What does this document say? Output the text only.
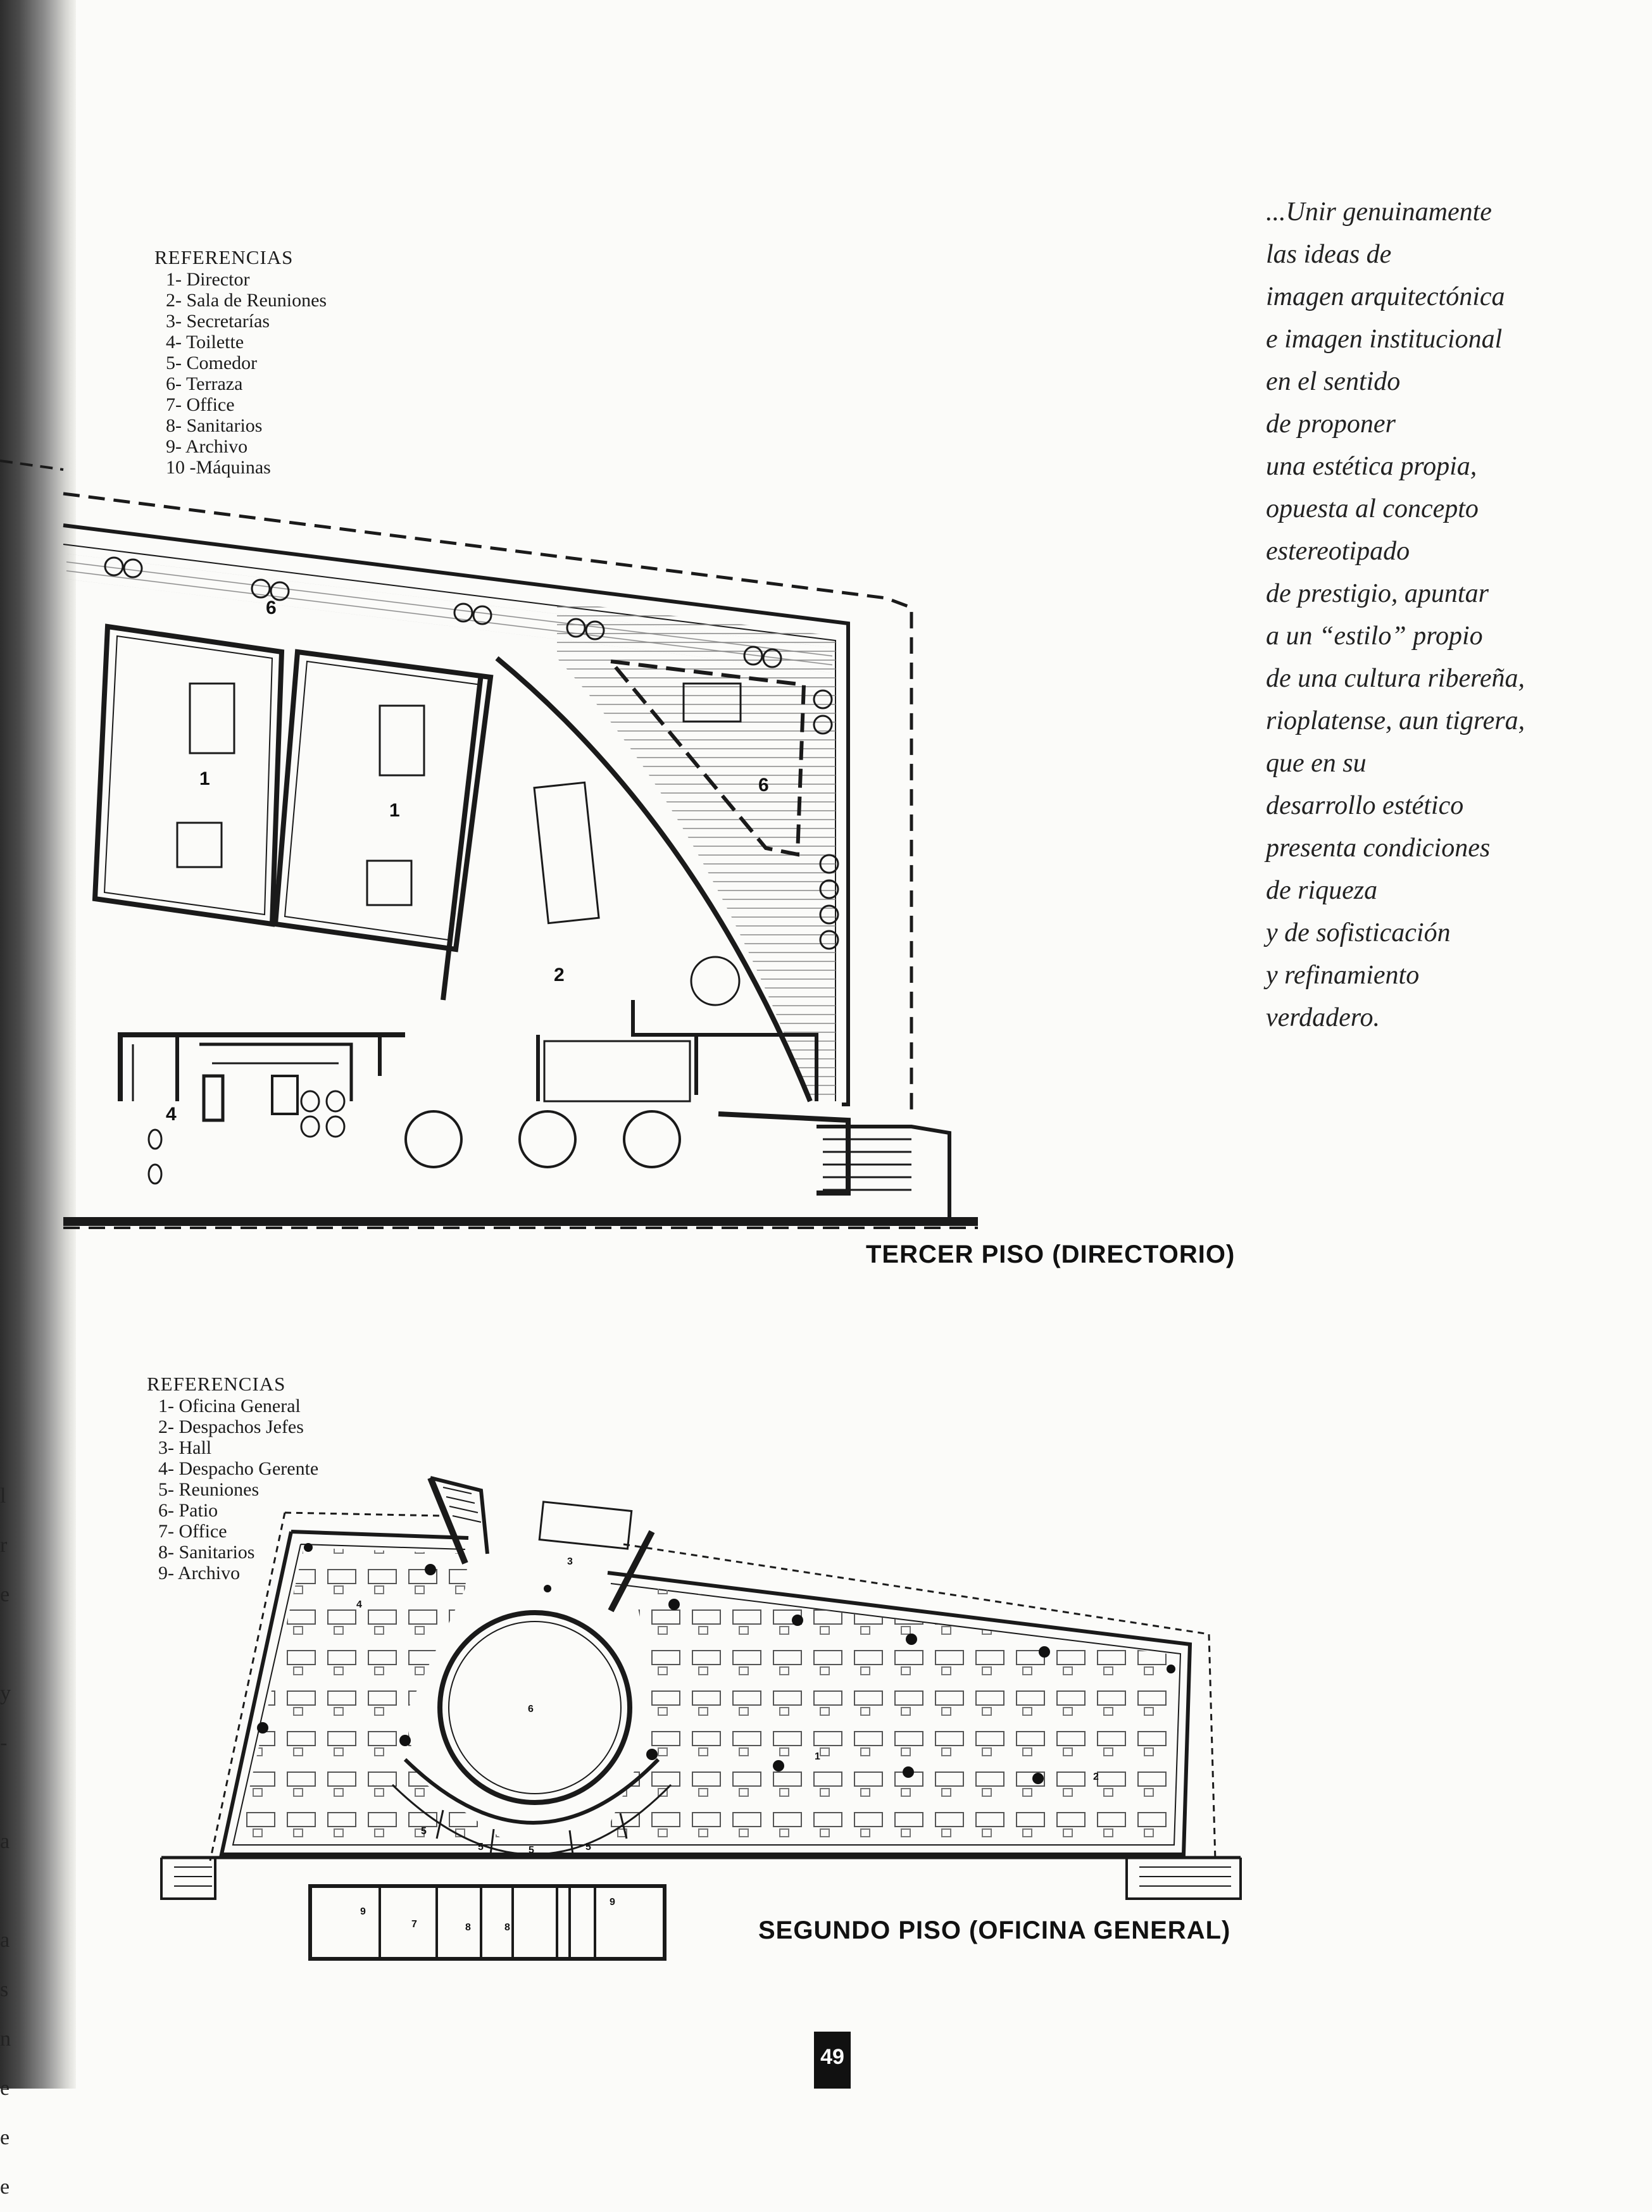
l
r
e
y
-
a
a
s
n
e
e
e
REFERENCIAS
1- Director
2- Sala de Reuniones
3- Secretarías
4- Toilette
5- Comedor
6- Terraza
7- Office
8- Sanitarios
9- Archivo
10 -Máquinas
6
1
1
6
2
4
TERCER PISO (DIRECTORIO)
REFERENCIAS
1- Oficina General
2- Despachos Jefes
3- Hall
4- Despacho Gerente
5- Reuniones
6- Patio
7- Office
8- Sanitarios
9- Archivo
3
4
6
1
2
5
5	5	5
9
7	8	8
9
SEGUNDO PISO (OFICINA GENERAL)
...Unir genuinamente
las ideas de
imagen arquitectónica
e imagen institucional
en el sentido
de proponer
una estética propia,
opuesta al concepto
estereotipado
de prestigio, apuntar
a un “estilo” propio
de una cultura ribereña,
rioplatense, aun tigrera,
que en su
desarrollo estético
presenta condiciones
de riqueza
y de sofisticación
y refinamiento
verdadero.
49
